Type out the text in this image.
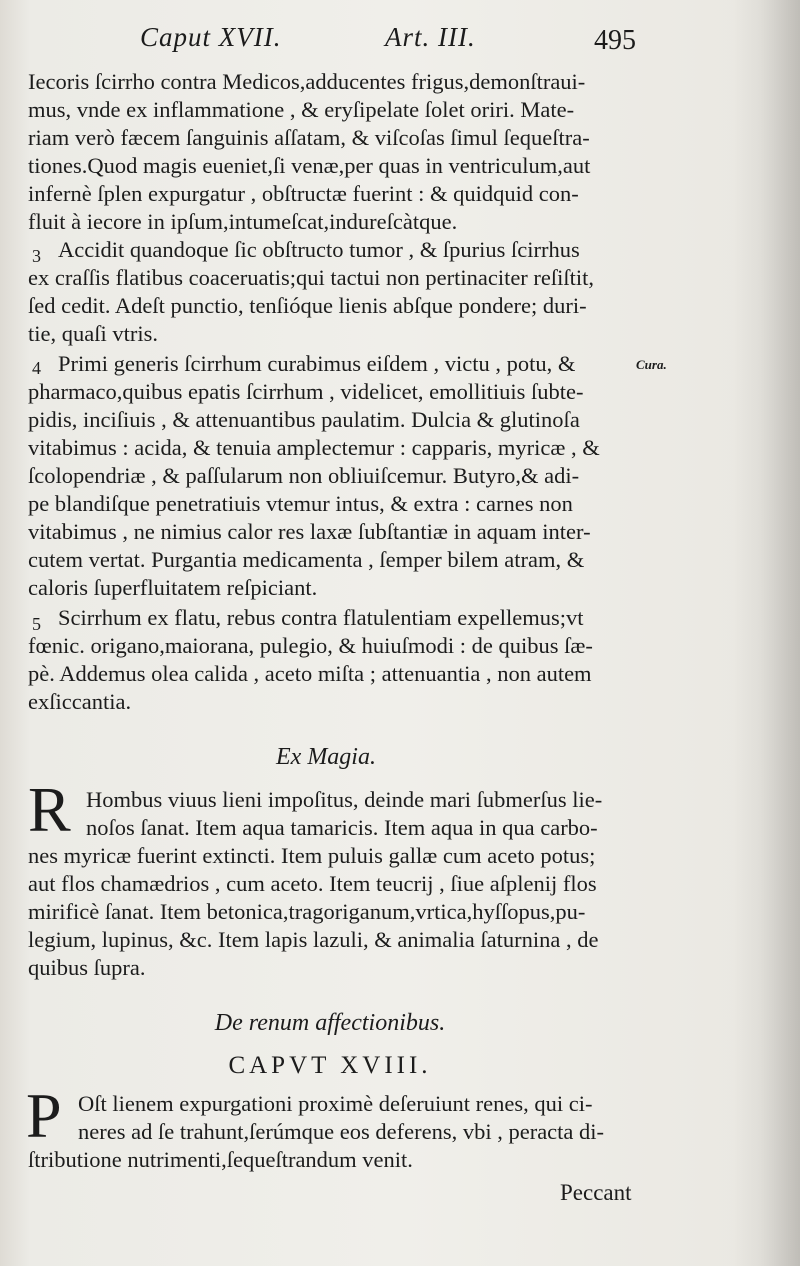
Caput XVII.	Art. III.	495
Iecoris ſcirrho contra Medicos,adducentes frigus,demonſtraui-
mus, vnde ex inflammatione , & eryſipelate ſolet oriri. Mate-
riam verò fæcem ſanguinis aſſatam, & viſcoſas ſimul ſequeſtra-
tiones.Quod magis eueniet,ſi venæ,per quas in ventriculum,aut
infernè ſplen expurgatur , obſtructæ fuerint : & quidquid con-
fluit à iecore in ipſum,intumeſcat,indureſcàtque.
3 Accidit quandoque ſic obſtructo tumor , & ſpurius ſcirrhus
ex craſſis flatibus coaceruatis;qui tactui non pertinaciter reſiſtit,
ſed cedit. Adeſt punctio, tenſióque lienis abſque pondere; duri-
tie, quaſi vtris.
4 Primi generis ſcirrhum curabimus eiſdem , victu , potu, &	Cura.
pharmaco,quibus epatis ſcirrhum , videlicet, emollitiuis ſubte-
pidis, inciſiuis , & attenuantibus paulatim. Dulcia & glutinoſa
vitabimus : acida, & tenuia amplectemur : capparis, myricæ , &
ſcolopendriæ , & paſſularum non obliuiſcemur. Butyro,& adi-
pe blandiſque penetratiuis vtemur intus, & extra : carnes non
vitabimus , ne nimius calor res laxæ ſubſtantiæ in aquam inter-
cutem vertat. Purgantia medicamenta , ſemper bilem atram, &
caloris ſuperfluitatem reſpiciant.
5 Scirrhum ex flatu, rebus contra flatulentiam expellemus;vt
fœnic. origano,maiorana, pulegio, & huiuſmodi : de quibus ſæ-
pè. Addemus olea calida , aceto miſta ; attenuantia , non autem
exſiccantia.
Ex Magia.
R Hombus viuus lieni impoſitus, deinde mari ſubmerſus lie-
noſos ſanat. Item aqua tamaricis. Item aqua in qua carbo-
nes myricæ fuerint extincti. Item puluis gallæ cum aceto potus;
aut flos chamædrios , cum aceto. Item teucrij , ſiue aſplenij flos
mirificè ſanat. Item betonica,tragoriganum,vrtica,hyſſopus,pu-
legium, lupinus, &c. Item lapis lazuli, & animalia ſaturnina , de
quibus ſupra.
De renum affectionibus.
CAPVT XVIII.
P Oſt lienem expurgationi proximè deſeruiunt renes, qui ci-
neres ad ſe trahunt,ſerúmque eos deferens, vbi , peracta di-
ſtributione nutrimenti,ſequeſtrandum venit.
Peccant
